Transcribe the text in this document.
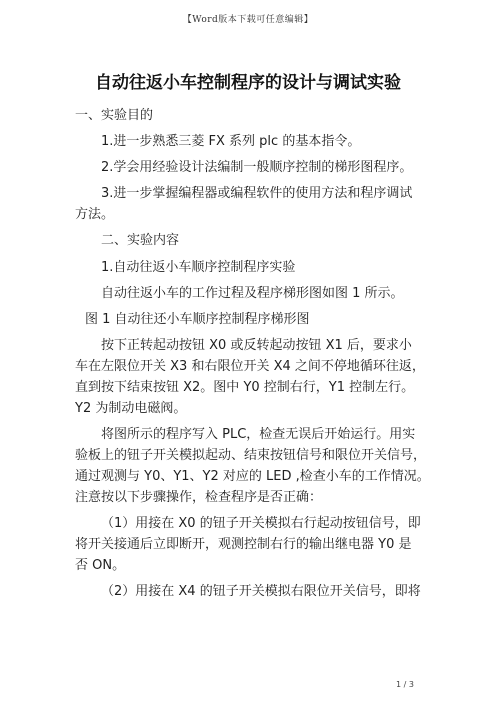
【Word版本下载可任意编辑】
自动往返小车控制程序的设计与调试实验
一、实验目的
1.进一步熟悉三菱 FX 系列 plc 的基本指令。
2.学会用经验设计法编制一般顺序控制的梯形图程序。
3.进一步掌握编程器或编程软件的使用方法和程序调试
方法。
二、实验内容
1.自动往返小车顺序控制程序实验
自动往返小车的工作过程及程序梯形图如图 1 所示。
图 1 自动往还小车顺序控制程序梯形图
按下正转起动按钮 X0 或反转起动按钮 X1 后，要求小
车在左限位开关 X3 和右限位开关 X4 之间不停地循环往返，
直到按下结束按钮 X2。图中 Y0 控制右行，Y1 控制左行。
Y2 为制动电磁阀。
将图所示的程序写入 PLC，检查无误后开始运行。用实
验板上的钮子开关模拟起动、结束按钮信号和限位开关信号，
通过观测与 Y0、Y1、Y2 对应的 LED ,检查小车的工作情况。
注意按以下步骤操作，检查程序是否正确：
（1）用接在 X0 的钮子开关模拟右行起动按钮信号，即
将开关接通后立即断开，观测控制右行的输出继电器 Y0 是
否 ON。
（2）用接在 X4 的钮子开关模拟右限位开关信号，即将
1 / 3
